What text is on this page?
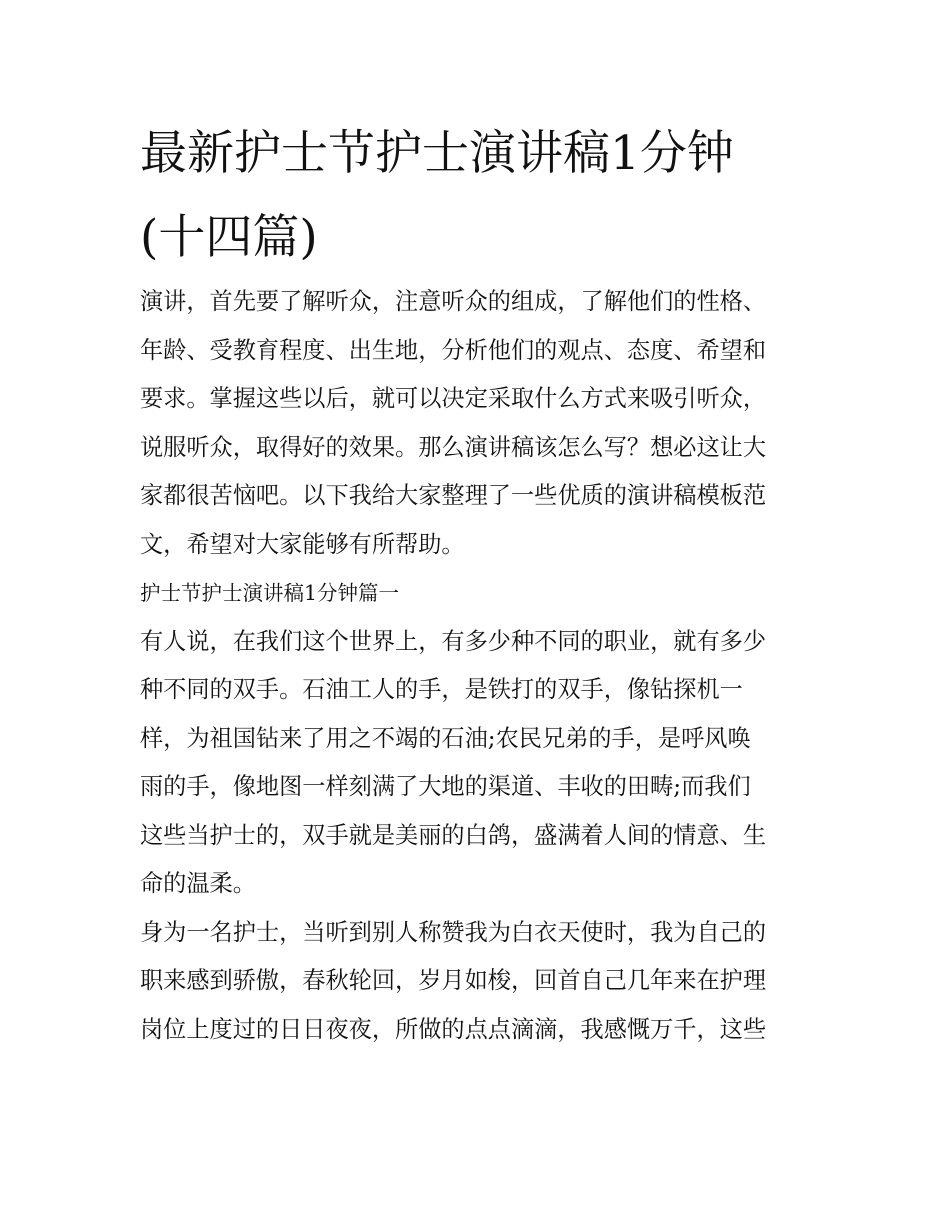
最新护士节护士演讲稿1分钟
(十四篇)
演讲，首先要了解听众，注意听众的组成，了解他们的性格、
年龄、受教育程度、出生地，分析他们的观点、态度、希望和
要求。掌握这些以后，就可以决定采取什么方式来吸引听众，
说服听众，取得好的效果。那么演讲稿该怎么写？想必这让大
家都很苦恼吧。以下我给大家整理了一些优质的演讲稿模板范
文，希望对大家能够有所帮助。
护士节护士演讲稿1分钟篇一
有人说，在我们这个世界上，有多少种不同的职业，就有多少
种不同的双手。石油工人的手，是铁打的双手，像钻探机一
样，为祖国钻来了用之不竭的石油;农民兄弟的手，是呼风唤
雨的手，像地图一样刻满了大地的渠道、丰收的田畴;而我们
这些当护士的，双手就是美丽的白鸽，盛满着人间的情意、生
命的温柔。
身为一名护士，当听到别人称赞我为白衣天使时，我为自己的
职来感到骄傲，春秋轮回，岁月如梭，回首自己几年来在护理
岗位上度过的日日夜夜，所做的点点滴滴，我感慨万千，这些
